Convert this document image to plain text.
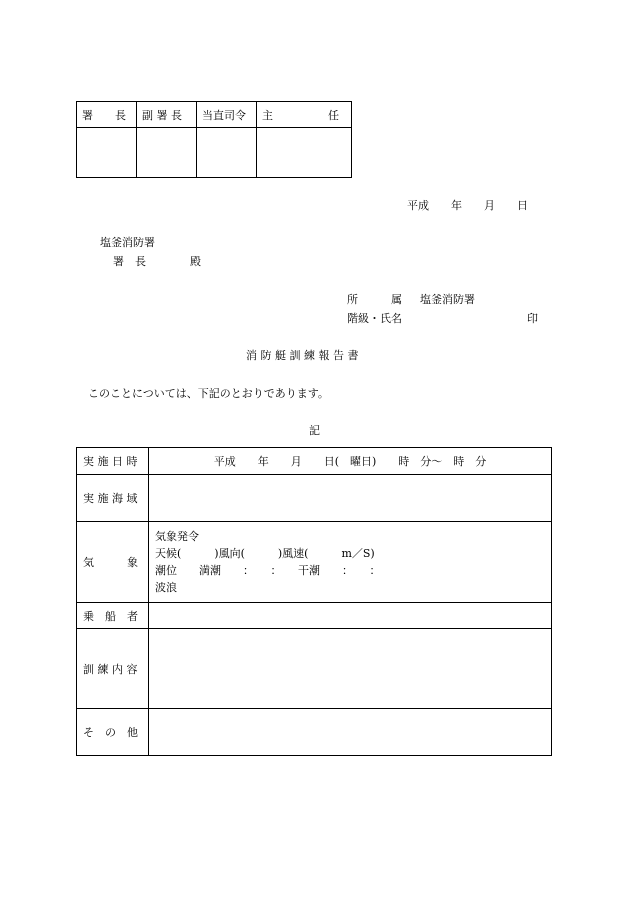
署　　長	副 署 長	当直司令	主　　　　　任

平成　　年　　月　　日
塩釜消防署
署　長　　　　殿
所　　　属 塩釜消防署
階級・氏名	印
消 防 艇 訓 練 報 告 書
このことについては、下記のとおりであります。
記
実 施 日 時	平成　　年　　月　　日(　曜日)　　時　分～　時　分
実 施 海 域	
気　　　象	気象発令
天候(　　　)風向(　　　)風速(　　　m／S)
潮位　　満潮　　：　　：　　干潮　　：　　：
波浪

乗　船　者	
訓 練 内 容	
そ　の　他	
